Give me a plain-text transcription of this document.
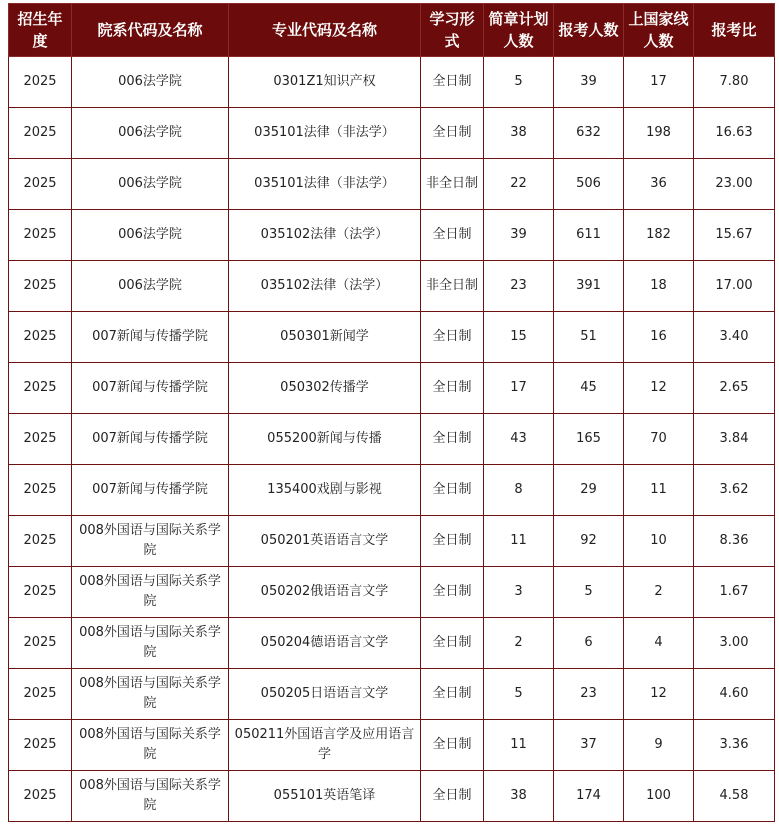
招生年度	院系代码及名称	专业代码及名称	学习形式	简章计划人数	报考人数	上国家线人数	报考比
2025	006法学院	0301Z1知识产权	全日制	5	39	17	7.80
2025	006法学院	035101法律（非法学）	全日制	38	632	198	16.63
2025	006法学院	035101法律（非法学）	非全日制	22	506	36	23.00
2025	006法学院	035102法律（法学）	全日制	39	611	182	15.67
2025	006法学院	035102法律（法学）	非全日制	23	391	18	17.00
2025	007新闻与传播学院	050301新闻学	全日制	15	51	16	3.40
2025	007新闻与传播学院	050302传播学	全日制	17	45	12	2.65
2025	007新闻与传播学院	055200新闻与传播	全日制	43	165	70	3.84
2025	007新闻与传播学院	135400戏剧与影视	全日制	8	29	11	3.62
2025	008外国语与国际关系学院	050201英语语言文学	全日制	11	92	10	8.36
2025	008外国语与国际关系学院	050202俄语语言文学	全日制	3	5	2	1.67
2025	008外国语与国际关系学院	050204德语语言文学	全日制	2	6	4	3.00
2025	008外国语与国际关系学院	050205日语语言文学	全日制	5	23	12	4.60
2025	008外国语与国际关系学院	050211外国语言学及应用语言学	全日制	11	37	9	3.36
2025	008外国语与国际关系学院	055101英语笔译	全日制	38	174	100	4.58
